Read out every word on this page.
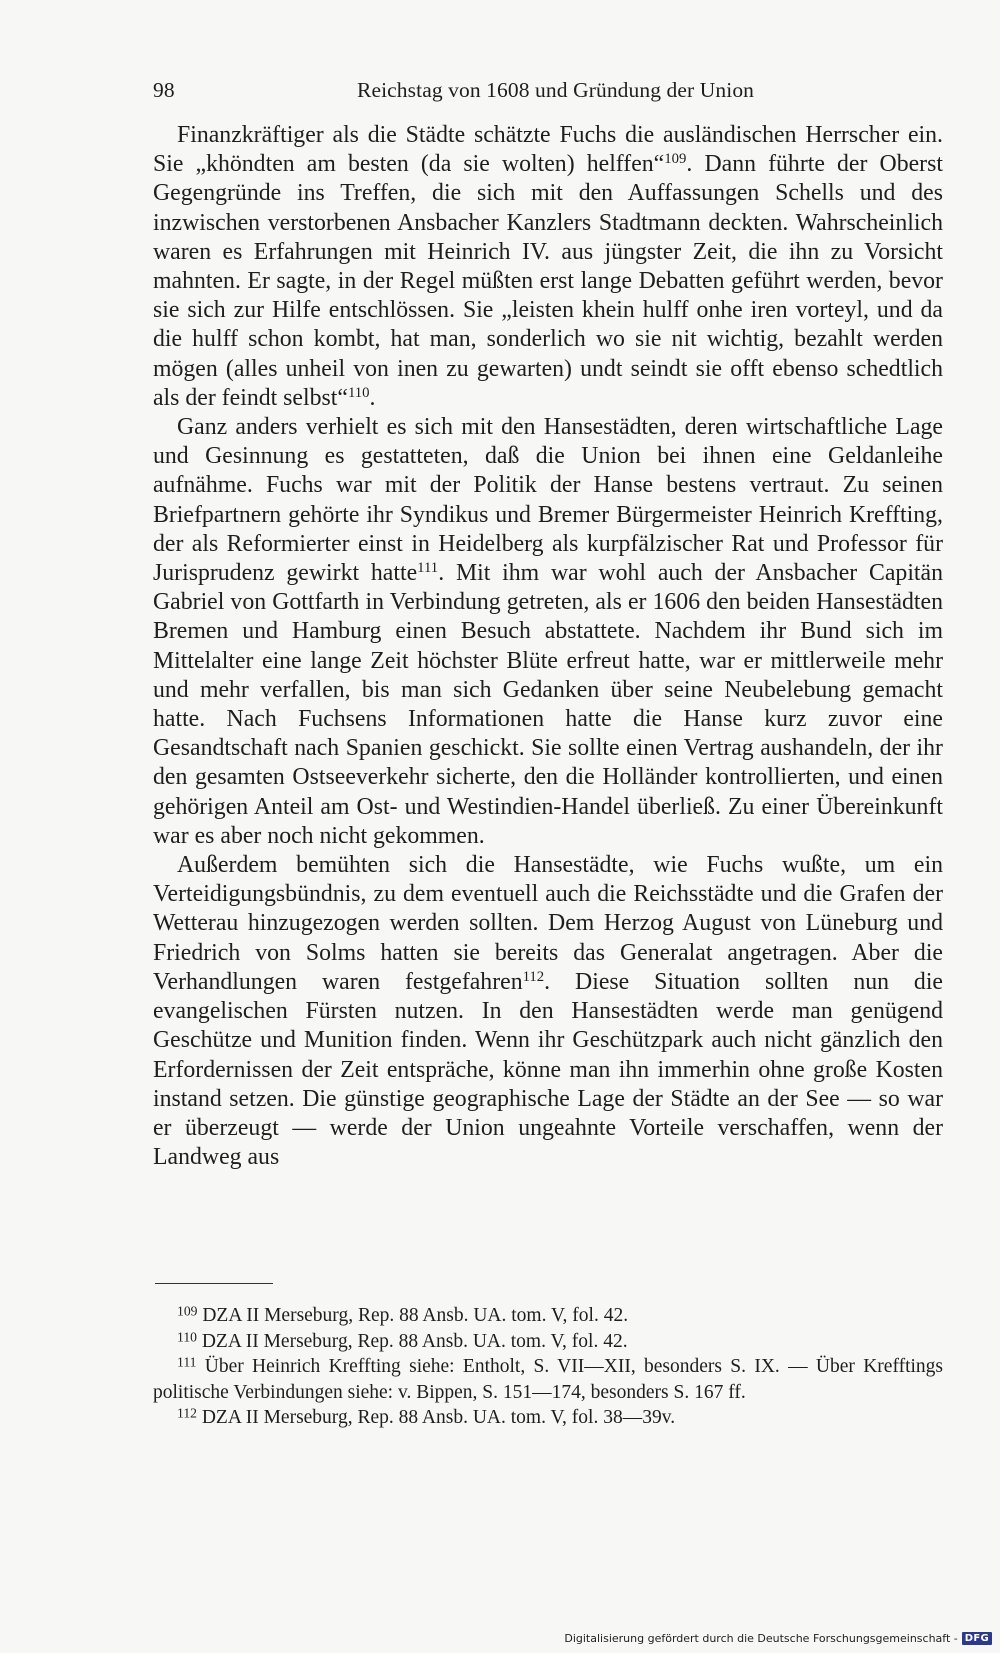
98	Reichstag von 1608 und Gründung der Union

Finanzkräftiger als die Städte schätzte Fuchs die ausländischen Herrscher ein. Sie „khöndten am besten (da sie wolten) helffen“$^{109}$. Dann führte der Oberst Gegengründe ins Treffen, die sich mit den Auffassungen Schells und des inzwischen verstorbenen Ansbacher Kanzlers Stadtmann deckten. Wahrscheinlich waren es Erfahrungen mit Heinrich IV. aus jüngster Zeit, die ihn zu Vorsicht mahnten. Er sagte, in der Regel müßten erst lange Debatten geführt werden, bevor sie sich zur Hilfe entschlössen. Sie „leisten khein hulff onhe iren vorteyl, und da die hulff schon kombt, hat man, sonderlich wo sie nit wichtig, bezahlt werden mögen (alles unheil von inen zu gewarten) undt seindt sie offt ebenso schedtlich als der feindt selbst“$^{110}$.

Ganz anders verhielt es sich mit den Hansestädten, deren wirtschaftliche Lage und Gesinnung es gestatteten, daß die Union bei ihnen eine Geldanleihe aufnähme. Fuchs war mit der Politik der Hanse bestens vertraut. Zu seinen Briefpartnern gehörte ihr Syndikus und Bremer Bürgermeister Heinrich Kreffting, der als Reformierter einst in Heidelberg als kurpfälzischer Rat und Professor für Jurisprudenz gewirkt hatte$^{111}$. Mit ihm war wohl auch der Ansbacher Capitän Gabriel von Gottfarth in Verbindung getreten, als er 1606 den beiden Hansestädten Bremen und Hamburg einen Besuch abstattete. Nachdem ihr Bund sich im Mittelalter eine lange Zeit höchster Blüte erfreut hatte, war er mittlerweile mehr und mehr verfallen, bis man sich Gedanken über seine Neubelebung gemacht hatte. Nach Fuchsens Informationen hatte die Hanse kurz zuvor eine Gesandtschaft nach Spanien geschickt. Sie sollte einen Vertrag aushandeln, der ihr den gesamten Ostseeverkehr sicherte, den die Holländer kontrollierten, und einen gehörigen Anteil am Ost- und Westindien-Handel überließ. Zu einer Übereinkunft war es aber noch nicht gekommen.

Außerdem bemühten sich die Hansestädte, wie Fuchs wußte, um ein Verteidigungsbündnis, zu dem eventuell auch die Reichsstädte und die Grafen der Wetterau hinzugezogen werden sollten. Dem Herzog August von Lüneburg und Friedrich von Solms hatten sie bereits das Generalat angetragen. Aber die Verhandlungen waren festgefahren$^{112}$. Diese Situation sollten nun die evangelischen Fürsten nutzen. In den Hansestädten werde man genügend Geschütze und Munition finden. Wenn ihr Geschützpark auch nicht gänzlich den Erfordernissen der Zeit entspräche, könne man ihn immerhin ohne große Kosten instand setzen. Die günstige geographische Lage der Städte an der See — so war er überzeugt — werde der Union ungeahnte Vorteile verschaffen, wenn der Landweg aus

$^{109}$ DZA II Merseburg, Rep. 88 Ansb. UA. tom. V, fol. 42.

$^{110}$ DZA II Merseburg, Rep. 88 Ansb. UA. tom. V, fol. 42.

$^{111}$ Über Heinrich Kreffting siehe: Entholt, S. VII—XII, besonders S. IX. — Über Krefftings politische Verbindungen siehe: v. Bippen, S. 151—174, besonders S. 167 ff.

$^{112}$ DZA II Merseburg, Rep. 88 Ansb. UA. tom. V, fol. 38—39v.

Digitalisierung gefördert durch die Deutsche Forschungsgemeinschaft - DFG
